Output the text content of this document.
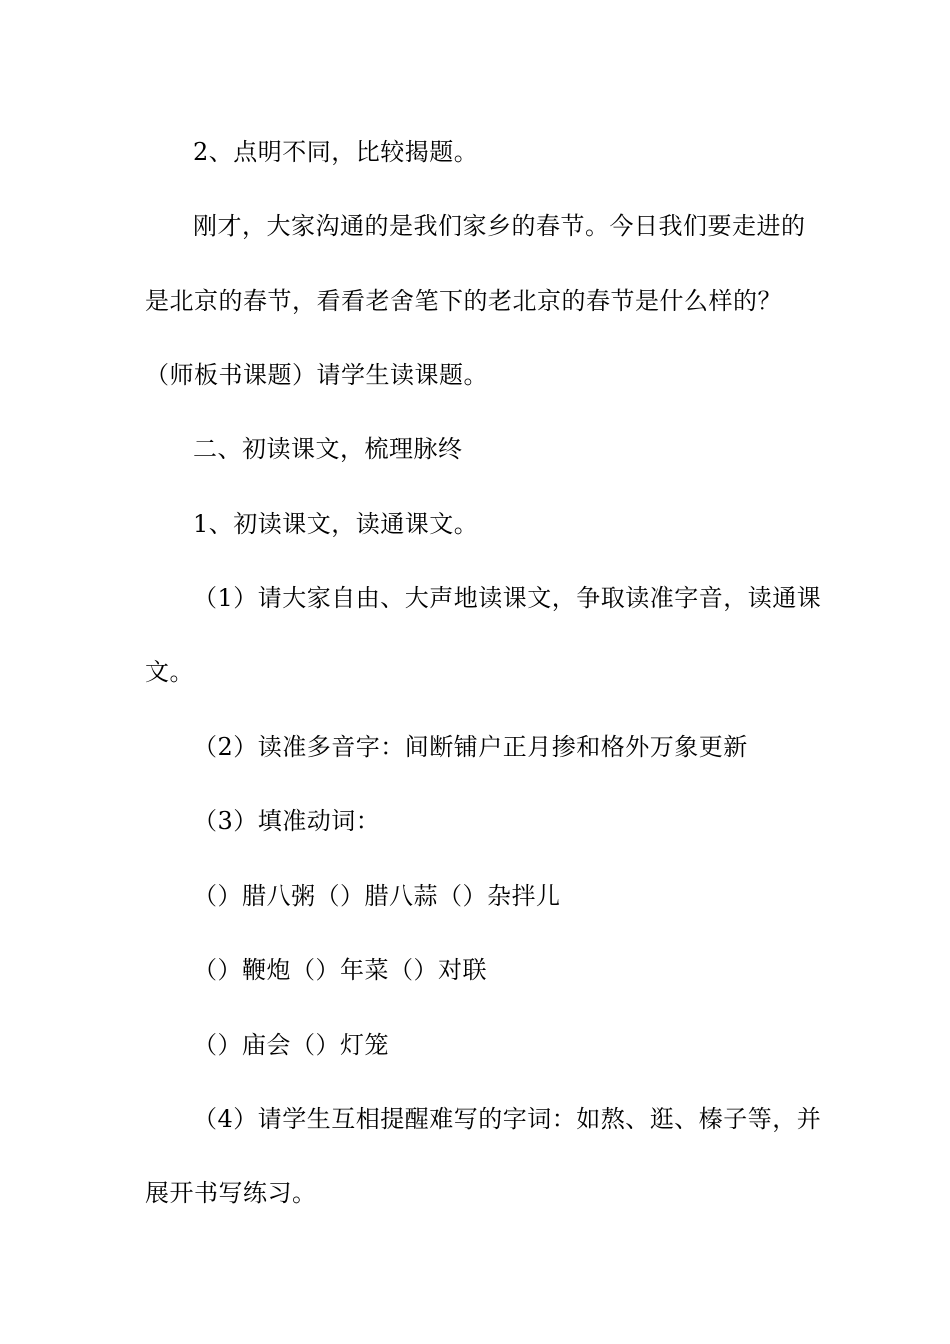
2、点明不同，比较揭题。
刚才，大家沟通的是我们家乡的春节。今日我们要走进的
是北京的春节，看看老舍笔下的老北京的春节是什么样的？
（师板书课题）请学生读课题。
二、初读课文，梳理脉终
1、初读课文，读通课文。
（1）请大家自由、大声地读课文，争取读准字音，读通课
文。
（2）读准多音字：间断铺户正月掺和格外万象更新
（3）填准动词：
（）腊八粥（）腊八蒜（）杂拌儿
（）鞭炮（）年菜（）对联
（）庙会（）灯笼
（4）请学生互相提醒难写的字词：如熬、逛、榛子等，并
展开书写练习。
